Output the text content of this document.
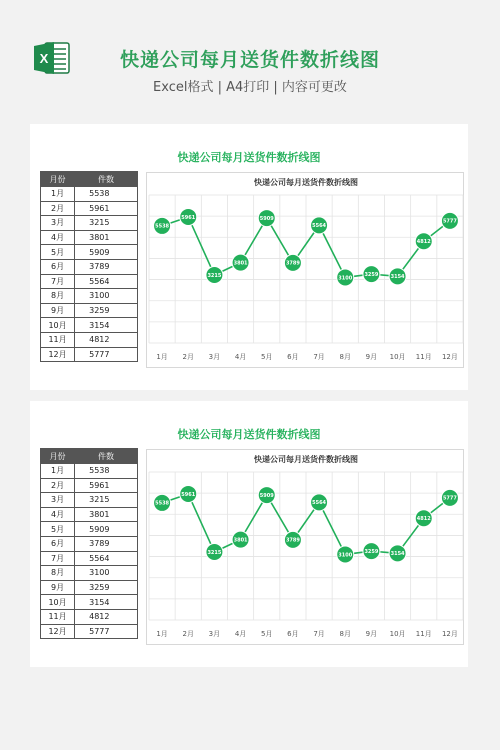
X	快递公司每月送货件数折线图
Excel格式 | A4打印 | 内容可更改
快递公司每月送货件数折线图
月份	件数
1月	5538
2月	5961
3月	3215
4月	3801
5月	5909
6月	3789
7月	5564
8月	3100
9月	3259
10月	3154
11月	4812
12月	5777
快递公司每月送货件数折线图
5538
1月
5961
2月
3215
3月
3801
4月
5909
5月
3789
6月
5564
7月
3100
8月
3259
9月
3154
10月
4812
11月
5777
12月
快递公司每月送货件数折线图
月份	件数
1月	5538
2月	5961
3月	3215
4月	3801
5月	5909
6月	3789
7月	5564
8月	3100
9月	3259
10月	3154
11月	4812
12月	5777
快递公司每月送货件数折线图
5538
1月
5961
2月
3215
3月
3801
4月
5909
5月
3789
6月
5564
7月
3100
8月
3259
9月
3154
10月
4812
11月
5777
12月
